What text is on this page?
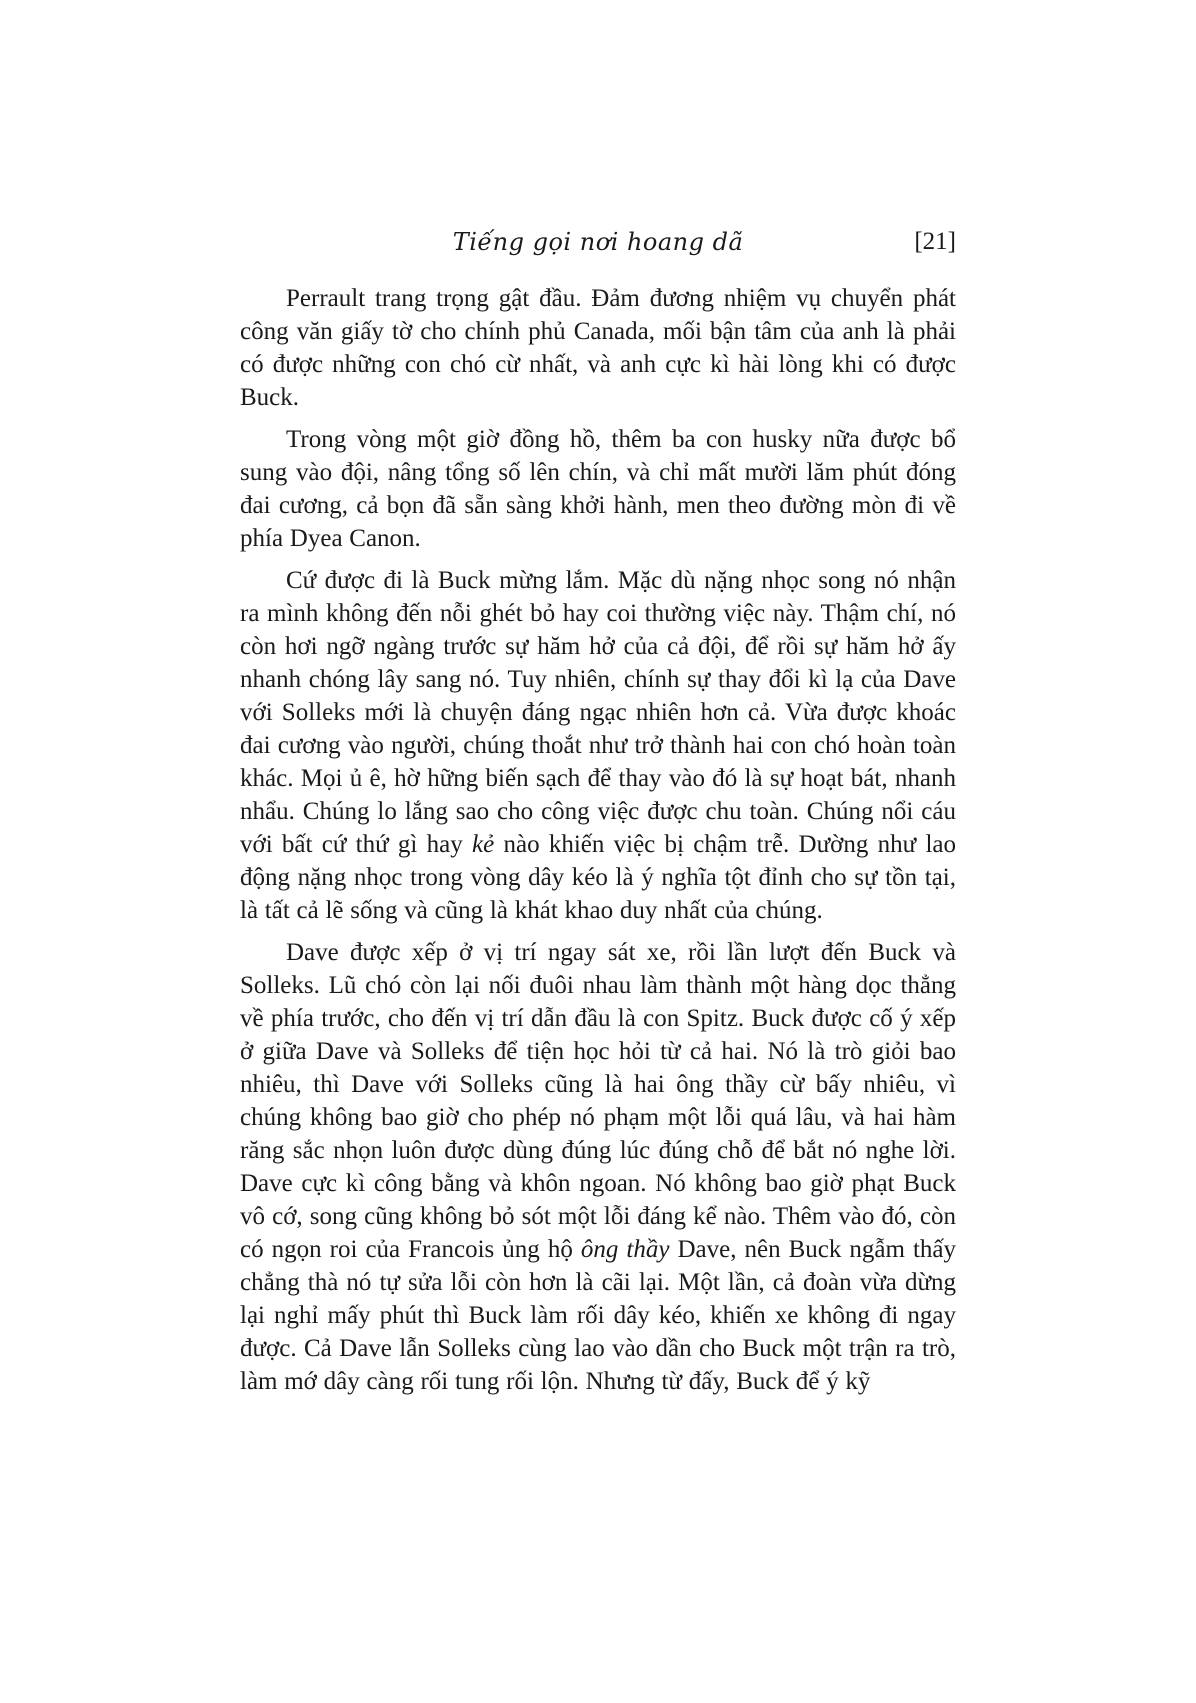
Tiếng gọi nơi hoang dã	[21]

Perrault trang trọng gật đầu. Đảm đương nhiệm vụ chuyển phát công văn giấy tờ cho chính phủ Canada, mối bận tâm của anh là phải có được những con chó cừ nhất, và anh cực kì hài lòng khi có được Buck.

Trong vòng một giờ đồng hồ, thêm ba con husky nữa được bổ sung vào đội, nâng tổng số lên chín, và chỉ mất mười lăm phút đóng đai cương, cả bọn đã sẵn sàng khởi hành, men theo đường mòn đi về phía Dyea Canon.

Cứ được đi là Buck mừng lắm. Mặc dù nặng nhọc song nó nhận ra mình không đến nỗi ghét bỏ hay coi thường việc này. Thậm chí, nó còn hơi ngỡ ngàng trước sự hăm hở của cả đội, để rồi sự hăm hở ấy nhanh chóng lây sang nó. Tuy nhiên, chính sự thay đổi kì lạ của Dave với Solleks mới là chuyện đáng ngạc nhiên hơn cả. Vừa được khoác đai cương vào người, chúng thoắt như trở thành hai con chó hoàn toàn khác. Mọi ủ ê, hờ hững biến sạch để thay vào đó là sự hoạt bát, nhanh nhẩu. Chúng lo lắng sao cho công việc được chu toàn. Chúng nổi cáu với bất cứ thứ gì hay kẻ nào khiến việc bị chậm trễ. Dường như lao động nặng nhọc trong vòng dây kéo là ý nghĩa tột đỉnh cho sự tồn tại, là tất cả lẽ sống và cũng là khát khao duy nhất của chúng.

Dave được xếp ở vị trí ngay sát xe, rồi lần lượt đến Buck và Solleks. Lũ chó còn lại nối đuôi nhau làm thành một hàng dọc thẳng về phía trước, cho đến vị trí dẫn đầu là con Spitz. Buck được cố ý xếp ở giữa Dave và Solleks để tiện học hỏi từ cả hai. Nó là trò giỏi bao nhiêu, thì Dave với Solleks cũng là hai ông thầy cừ bấy nhiêu, vì chúng không bao giờ cho phép nó phạm một lỗi quá lâu, và hai hàm răng sắc nhọn luôn được dùng đúng lúc đúng chỗ để bắt nó nghe lời. Dave cực kì công bằng và khôn ngoan. Nó không bao giờ phạt Buck vô cớ, song cũng không bỏ sót một lỗi đáng kể nào. Thêm vào đó, còn có ngọn roi của Francois ủng hộ ông thầy Dave, nên Buck ngẫm thấy chẳng thà nó tự sửa lỗi còn hơn là cãi lại. Một lần, cả đoàn vừa dừng lại nghỉ mấy phút thì Buck làm rối dây kéo, khiến xe không đi ngay được. Cả Dave lẫn Solleks cùng lao vào dần cho Buck một trận ra trò, làm mớ dây càng rối tung rối lộn. Nhưng từ đấy, Buck để ý kỹ
